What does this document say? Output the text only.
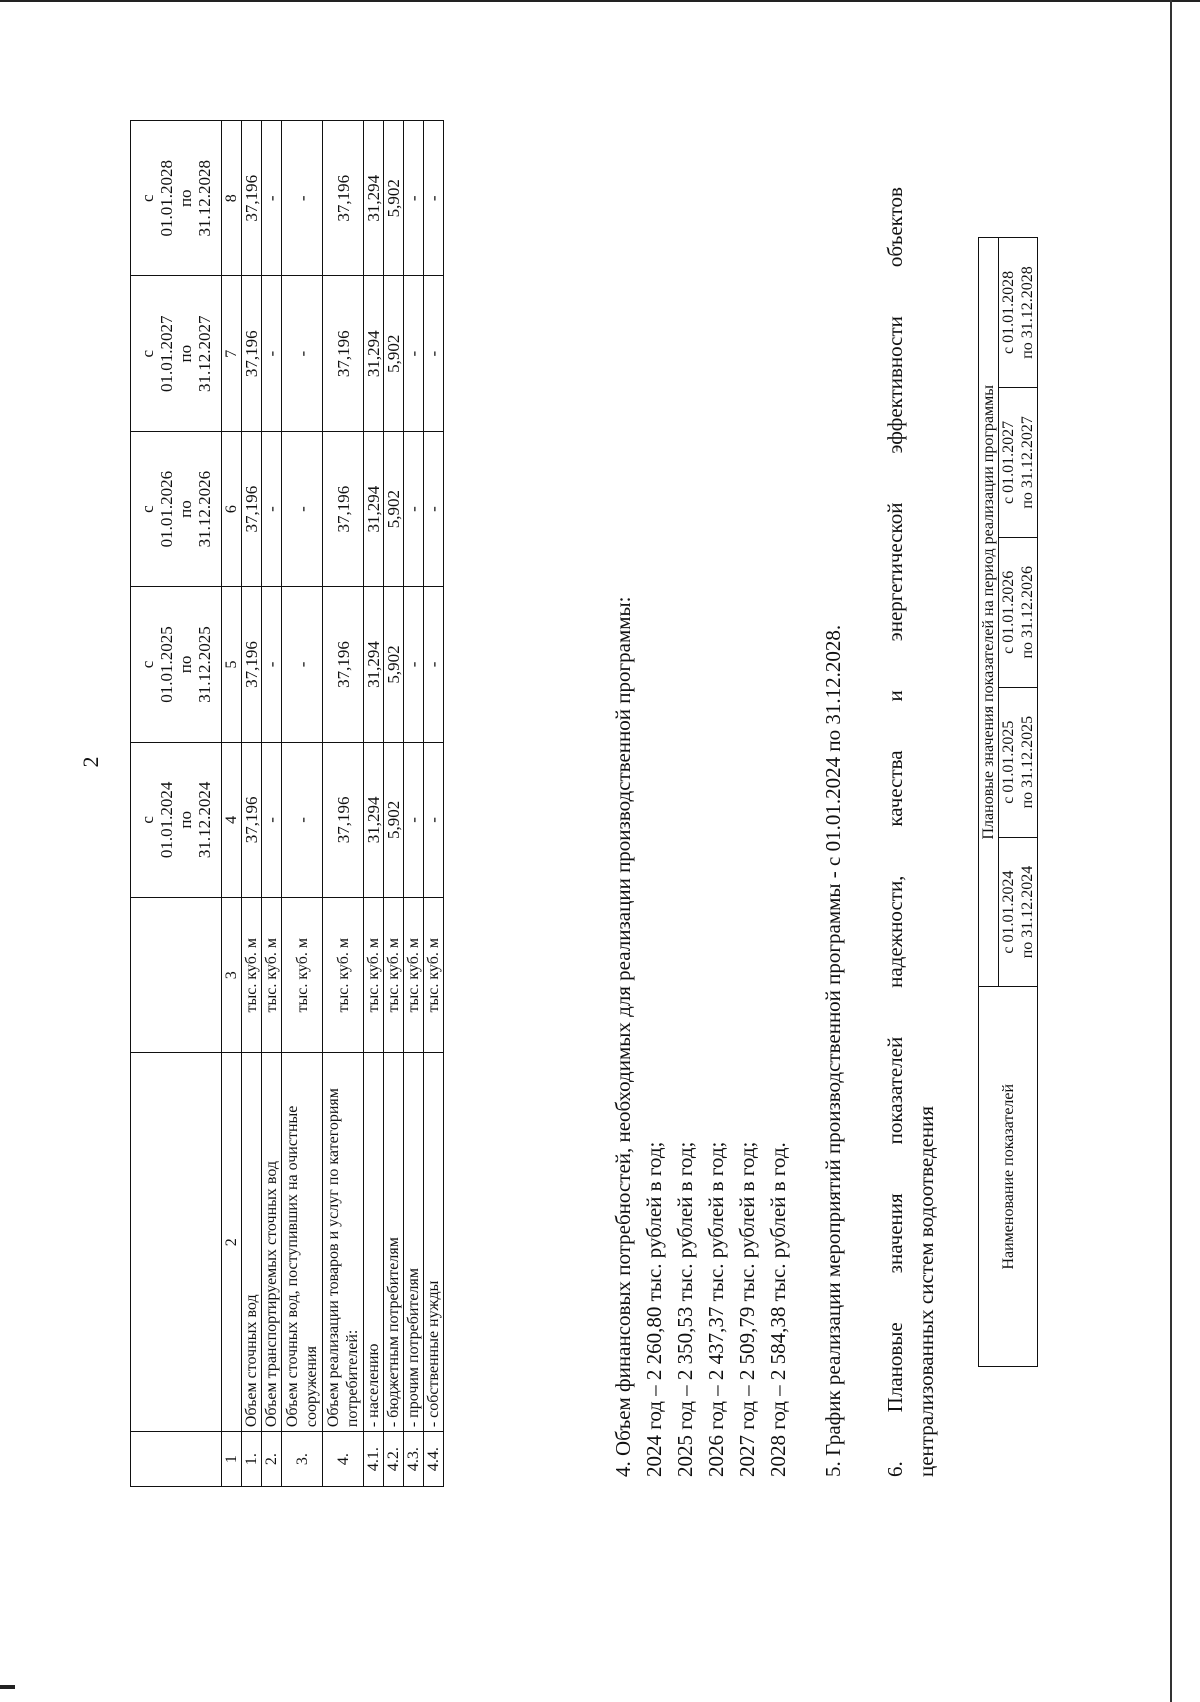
2
			с
01.01.2024
по
31.12.2024	с
01.01.2025
по
31.12.2025	с
01.01.2026
по
31.12.2026	с
01.01.2027
по
31.12.2027	с
01.01.2028
по
31.12.2028
1	2	3	4	5	6	7	8
1.	Объем сточных вод	тыс. куб. м	37,196	37,196	37,196	37,196	37,196
2.	Объем транспортируемых сточных вод	тыс. куб. м	-	-	-	-	-
3.	Объем сточных вод, поступивших на очистные сооружения	тыс. куб. м	-	-	-	-	-
4.	Объем реализации товаров и услуг по категориям потребителей:	тыс. куб. м	37,196	37,196	37,196	37,196	37,196
4.1.	- населению	тыс. куб. м	31,294	31,294	31,294	31,294	31,294
4.2.	- бюджетным потребителям	тыс. куб. м	5,902	5,902	5,902	5,902	5,902
4.3.	- прочим потребителям	тыс. куб. м	-	-	-	-	-
4.4.	- собственные нужды	тыс. куб. м	-	-	-	-	-
4. Объем финансовых потребностей, необходимых для реализации производственной программы: 2024 год – 2 260,80 тыс. рублей в год; 2025 год – 2 350,53 тыс. рублей в год; 2026 год – 2 437,37 тыс. рублей в год; 2027 год – 2 509,79 тыс. рублей в год; 2028 год – 2 584,38 тыс. рублей в год. 5. График реализации мероприятий производственной программы - с 01.01.2024 по 31.12.2028. 6.
Плановые
значения
показателей
надежности,
качества
и
энергетической
эффективности
объектов
централизованных систем водоотведения	Наименование показателей	Плановые значения показателей на период реализации программы				
	с 01.01.2024 по 31.12.2024	с 01.01.2025 по 31.12.2025	с 01.01.2026 по 31.12.2026	с 01.01.2027 по 31.12.2027	с 01.01.2028 по 31.12.2028
